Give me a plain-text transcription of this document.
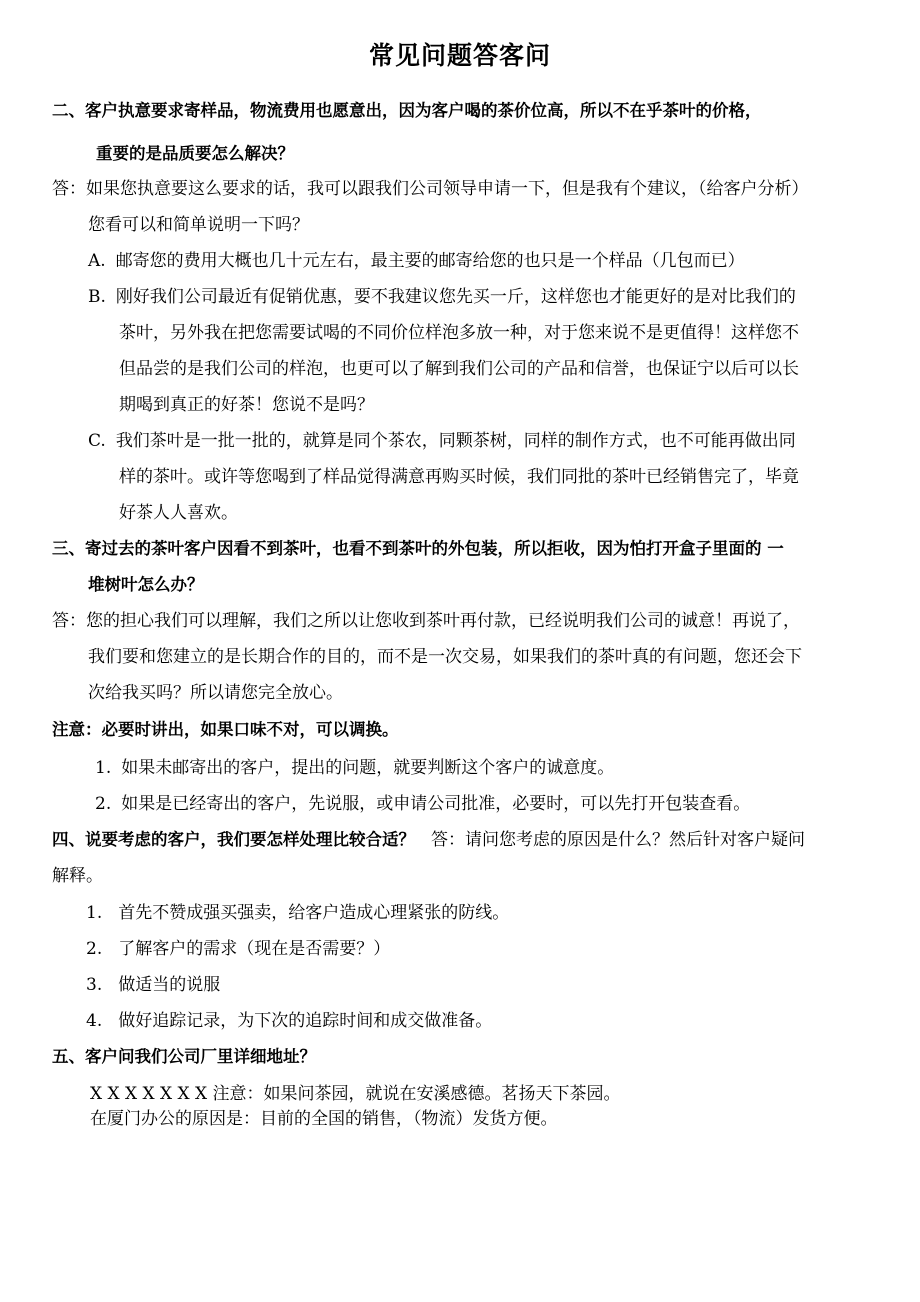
常见问题答客问
二、客户执意要求寄样品，物流费用也愿意出，因为客户喝的茶价位高，所以不在乎茶叶的价格，
重要的是品质要怎么解决？
答：如果您执意要这么要求的话，我可以跟我们公司领导申请一下，但是我有个建议，（给客户分析）
您看可以和简单说明一下吗？
A. 邮寄您的费用大概也几十元左右，最主要的邮寄给您的也只是一个样品（几包而已）
B. 刚好我们公司最近有促销优惠，要不我建议您先买一斤，这样您也才能更好的是对比我们的
茶叶，另外我在把您需要试喝的不同价位样泡多放一种，对于您来说不是更值得！这样您不
但品尝的是我们公司的样泡，也更可以了解到我们公司的产品和信誉，也保证宁以后可以长
期喝到真正的好茶！您说不是吗？
C. 我们茶叶是一批一批的，就算是同个茶农，同颗茶树，同样的制作方式，也不可能再做出同
样的茶叶。或许等您喝到了样品觉得满意再购买时候，我们同批的茶叶已经销售完了，毕竟
好茶人人喜欢。
三、寄过去的茶叶客户因看不到茶叶，也看不到茶叶的外包装，所以拒收，因为怕打开盒子里面的 一
堆树叶怎么办？
答：您的担心我们可以理解，我们之所以让您收到茶叶再付款，已经说明我们公司的诚意！再说了，
我们要和您建立的是长期合作的目的，而不是一次交易，如果我们的茶叶真的有问题，您还会下
次给我买吗？所以请您完全放心。
注意：必要时讲出，如果口味不对，可以调换。
1. 如果未邮寄出的客户，提出的问题，就要判断这个客户的诚意度。
2. 如果是已经寄出的客户，先说服，或申请公司批准，必要时，可以先打开包装查看。
四、说要考虑的客户，我们要怎样处理比较合适？ 答：请问您考虑的原因是什么？然后针对客户疑问
解释。
1. 首先不赞成强买强卖，给客户造成心理紧张的防线。
2. 了解客户的需求（现在是否需要？）
3. 做适当的说服
4. 做好追踪记录，为下次的追踪时间和成交做准备。
五、客户问我们公司厂里详细地址？
X X X X X X X 注意：如果问茶园，就说在安溪感德。茗扬天下茶园。
在厦门办公的原因是：目前的全国的销售，（物流）发货方便。
